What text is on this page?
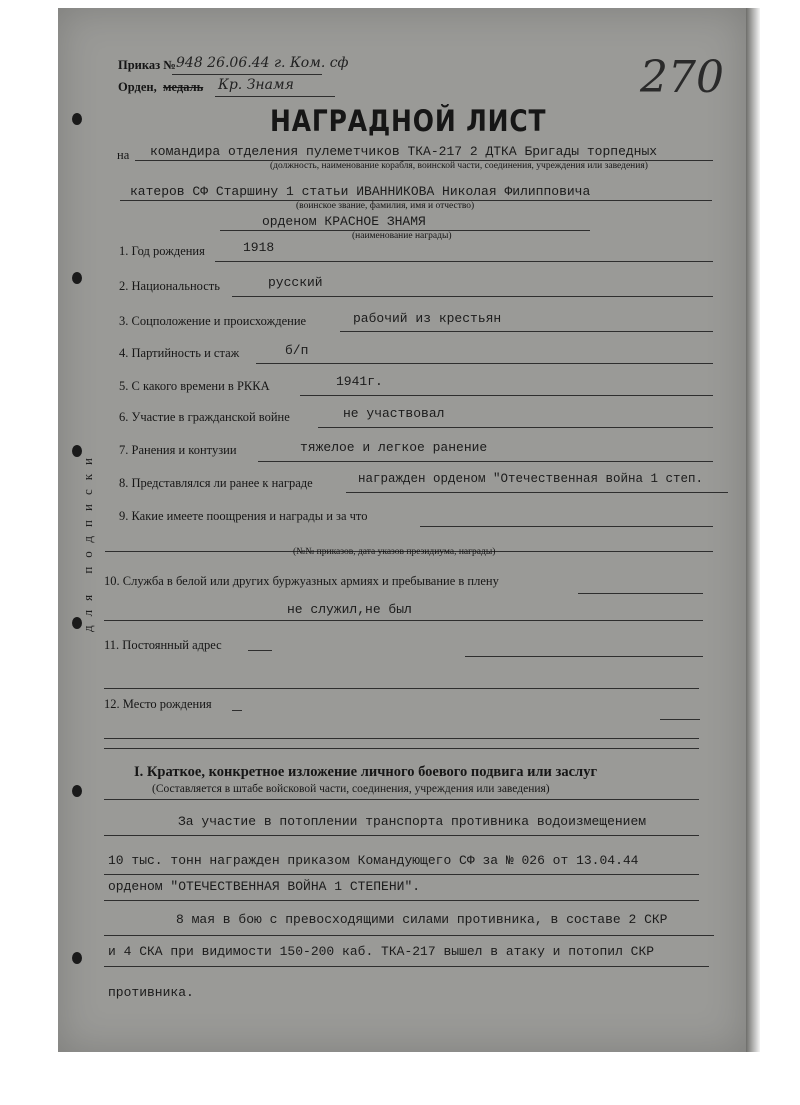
Приказ № 948 26.06.44 г. Ком. сф
Орден, медаль Кр. Знамя	270
НАГРАДНОЙ ЛИСТ
на командира отделения пулеметчиков ТКА-217 2 ДТКА Бригады торпедных
(должность, наименование корабля, воинской части, соединения, учреждения или заведения)
катеров СФ Старшину 1 статьи ИВАННИКОВА Николая Филипповича
(воинское звание, фамилия, имя и отчество)
орденом КРАСНОЕ ЗНАМЯ
(наименование награды)
для подписки
1. Год рождения	1918
2. Национальность	русский
3. Соцположение и происхождение	рабочий из крестьян
4. Партийность и стаж	б/п
5. С какого времени в РККА	1941г.
6. Участие в гражданской войне	не участвовал
7. Ранения и контузии	тяжелое и легкое ранение
8. Представлялся ли ранее к награде	награжден орденом "Отечественная война 1 степ.
9. Какие имеете поощрения и награды и за что
(№№ приказов, дата указов президиума, награды)
10. Служба в белой или других буржуазных армиях и пребывание в плену
не служил,не был
11. Постоянный адрес
12. Место рождения
I. Краткое, конкретное изложение личного боевого подвига или заслуг
(Составляется в штабе войсковой части, соединения, учреждения или заведения)
За участие в потоплении транспорта противника водоизмещением
10 тыс. тонн награжден приказом Командующего СФ за № 026 от 13.04.44
орденом "ОТЕЧЕСТВЕННАЯ ВОЙНА 1 СТЕПЕНИ".
8 мая в бою с превосходящими силами противника, в составе 2 СКР
и 4 СКА при видимости 150-200 каб. ТКА-217 вышел в атаку и потопил СКР
противника.
